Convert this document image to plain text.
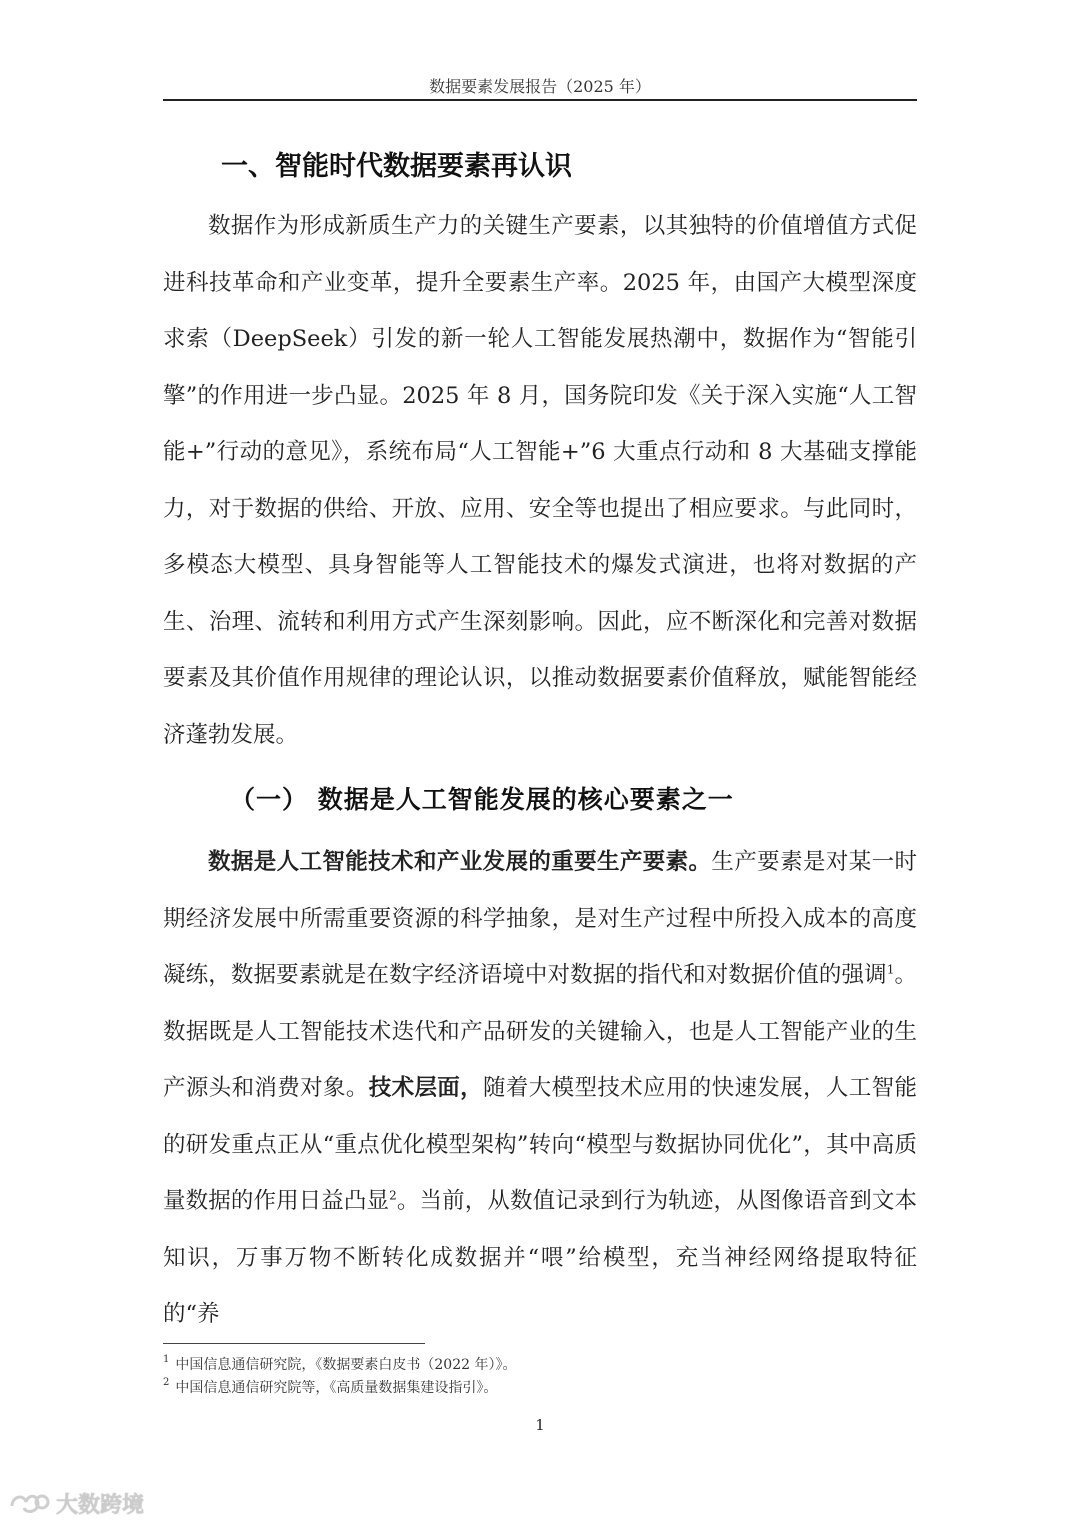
数据要素发展报告（2025 年）
一、智能时代数据要素再认识
数据作为形成新质生产力的关键生产要素，以其独特的价值增值方式促进科技革命和产业变革，提升全要素生产率。2025 年，由国产大模型深度求索（DeepSeek）引发的新一轮人工智能发展热潮中，数据作为“智能引擎”的作用进一步凸显。2025 年 8 月，国务院印发《关于深入实施“人工智能+”行动的意见》，系统布局“人工智能+”6 大重点行动和 8 大基础支撑能力，对于数据的供给、开放、应用、安全等也提出了相应要求。与此同时，多模态大模型、具身智能等人工智能技术的爆发式演进，也将对数据的产生、治理、流转和利用方式产生深刻影响。因此，应不断深化和完善对数据要素及其价值作用规律的理论认识，以推动数据要素价值释放，赋能智能经济蓬勃发展。
（一） 数据是人工智能发展的核心要素之一
数据是人工智能技术和产业发展的重要生产要素。生产要素是对某一时期经济发展中所需重要资源的科学抽象，是对生产过程中所投入成本的高度凝练，数据要素就是在数字经济语境中对数据的指代和对数据价值的强调$^1$。数据既是人工智能技术迭代和产品研发的关键输入，也是人工智能产业的生产源头和消费对象。技术层面，随着大模型技术应用的快速发展，人工智能的研发重点正从“重点优化模型架构”转向“模型与数据协同优化”，其中高质量数据的作用日益凸显$^2$。当前，从数值记录到行为轨迹，从图像语音到文本知识，万事万物不断转化成数据并“喂”给模型，充当神经网络提取特征的“养
$^1$ 中国信息通信研究院，《数据要素白皮书（2022 年）》。
$^2$ 中国信息通信研究院等，《高质量数据集建设指引》。
1
大数跨境
